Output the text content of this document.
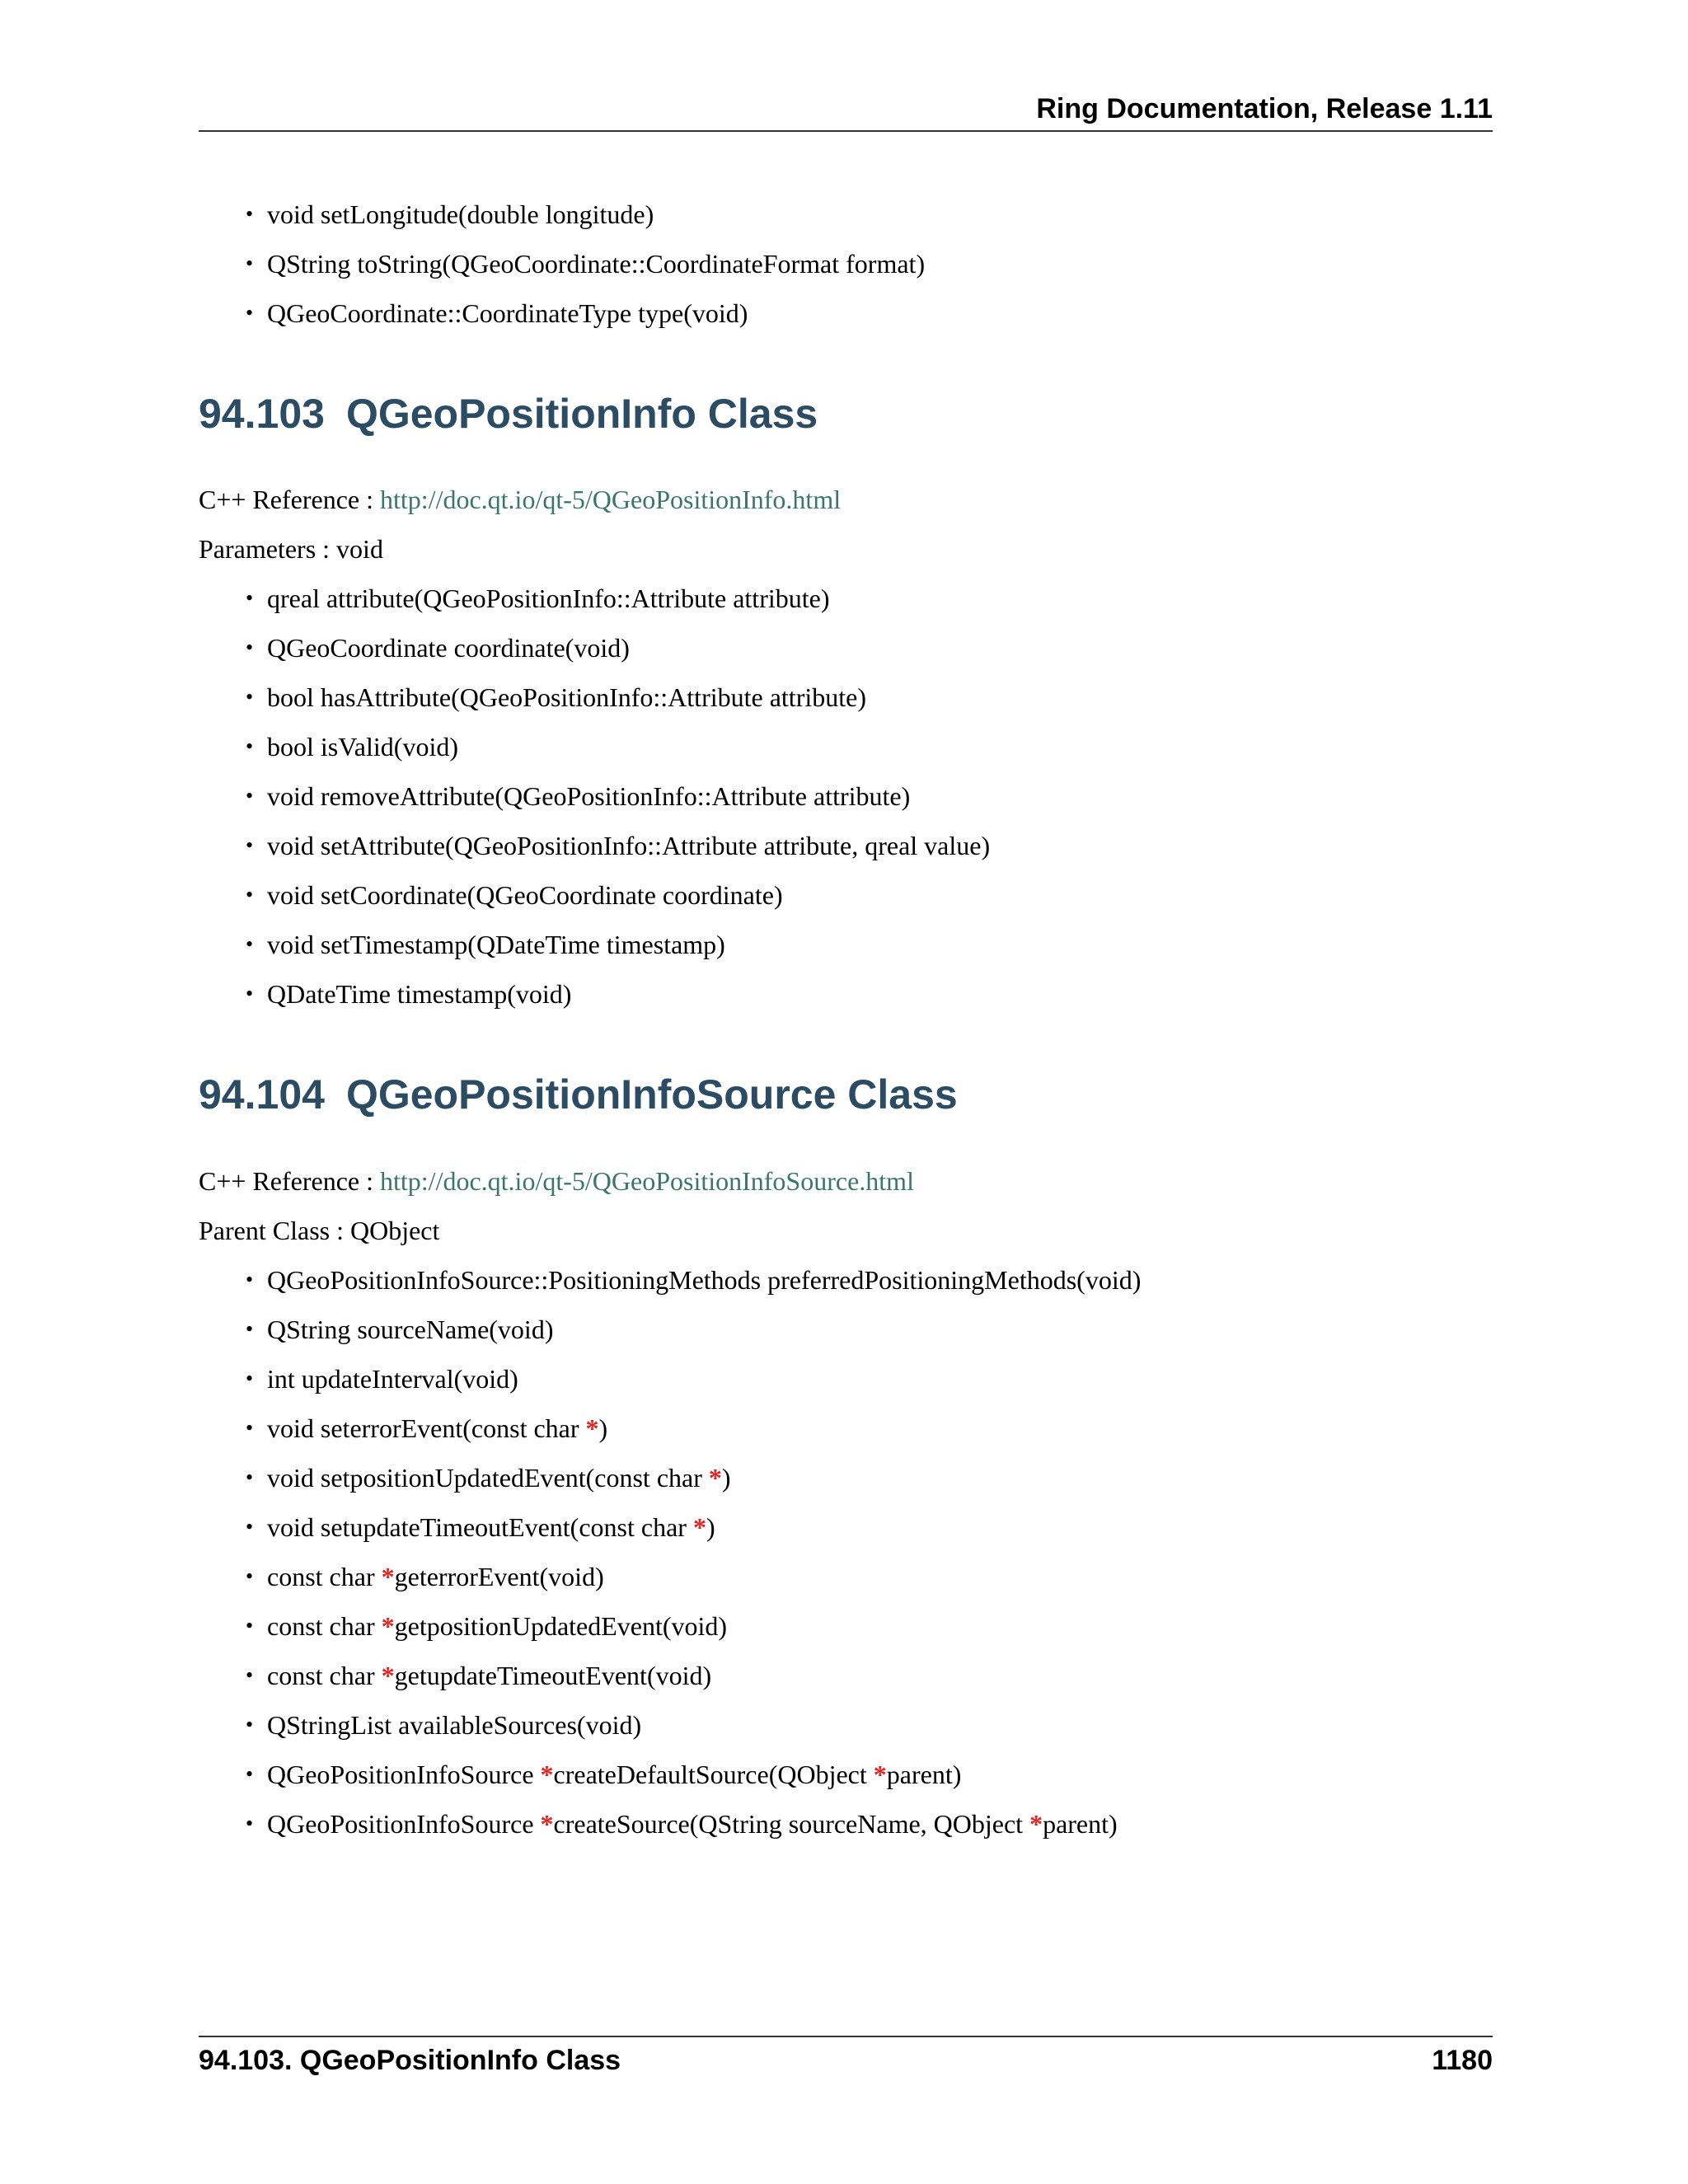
Ring Documentation, Release 1.11
• void setLongitude(double longitude)
• QString toString(QGeoCoordinate::CoordinateFormat format)
• QGeoCoordinate::CoordinateType type(void)
94.103 QGeoPositionInfo Class
C++ Reference : http://doc.qt.io/qt-5/QGeoPositionInfo.html
Parameters : void
• qreal attribute(QGeoPositionInfo::Attribute attribute)
• QGeoCoordinate coordinate(void)
• bool hasAttribute(QGeoPositionInfo::Attribute attribute)
• bool isValid(void)
• void removeAttribute(QGeoPositionInfo::Attribute attribute)
• void setAttribute(QGeoPositionInfo::Attribute attribute, qreal value)
• void setCoordinate(QGeoCoordinate coordinate)
• void setTimestamp(QDateTime timestamp)
• QDateTime timestamp(void)
94.104 QGeoPositionInfoSource Class
C++ Reference : http://doc.qt.io/qt-5/QGeoPositionInfoSource.html
Parent Class : QObject
• QGeoPositionInfoSource::PositioningMethods preferredPositioningMethods(void)
• QString sourceName(void)
• int updateInterval(void)
• void seterrorEvent(const char *)
• void setpositionUpdatedEvent(const char *)
• void setupdateTimeoutEvent(const char *)
• const char *geterrorEvent(void)
• const char *getpositionUpdatedEvent(void)
• const char *getupdateTimeoutEvent(void)
• QStringList availableSources(void)
• QGeoPositionInfoSource *createDefaultSource(QObject *parent)
• QGeoPositionInfoSource *createSource(QString sourceName, QObject *parent)
94.103. QGeoPositionInfo Class	1180
